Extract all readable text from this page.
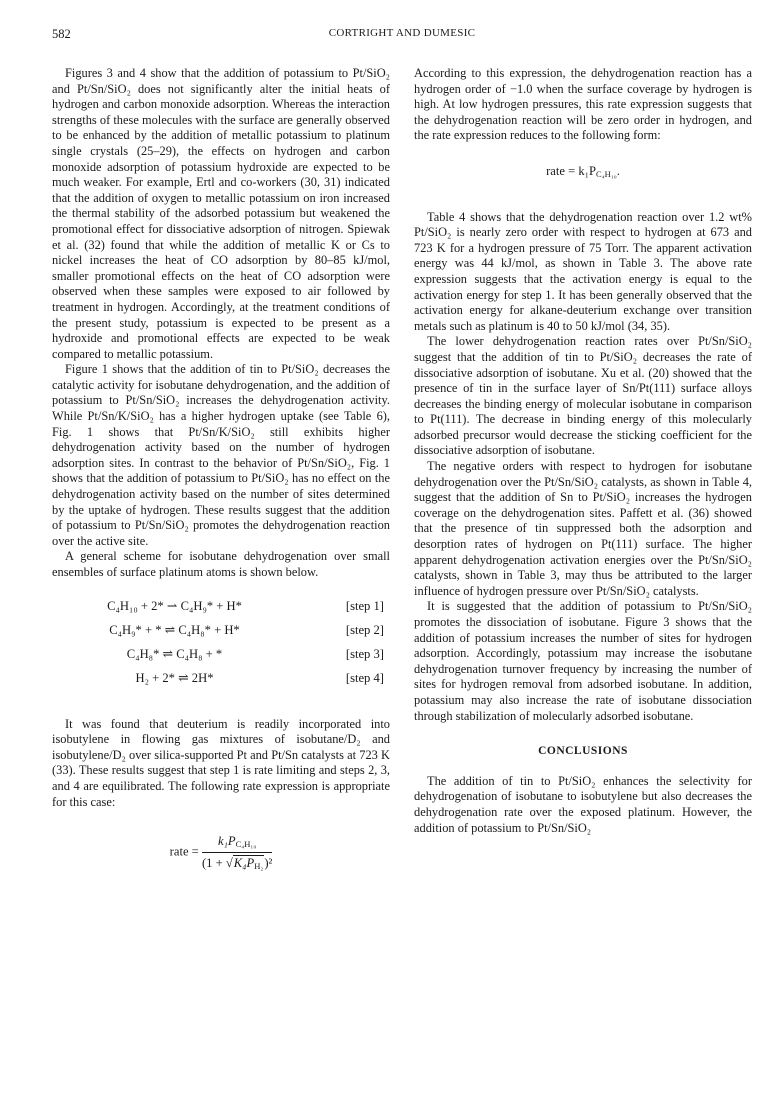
582	CORTRIGHT AND DUMESIC

Figures 3 and 4 show that the addition of potassium to Pt/SiO₂ and Pt/Sn/SiO₂ does not significantly alter the initial heats of hydrogen and carbon monoxide adsorption. Whereas the interaction strengths of these molecules with the surface are generally observed to be enhanced by the addition of metallic potassium to platinum single crystals (25–29), the effects on hydrogen and carbon monoxide adsorption of potassium hydroxide are expected to be much weaker. For example, Ertl and co-workers (30, 31) indicated that the addition of oxygen to metallic potassium on iron increased the thermal stability of the adsorbed potassium but weakened the promotional effect for dissociative adsorption of nitrogen. Spiewak et al. (32) found that while the addition of metallic K or Cs to nickel increases the heat of CO adsorption by 80–85 kJ/mol, smaller promotional effects on the heat of CO adsorption were observed when these samples were exposed to air followed by treatment in hydrogen. Accordingly, at the treatment conditions of the present study, potassium is expected to be present as a hydroxide and promotional effects are expected to be weak compared to metallic potassium.

Figure 1 shows that the addition of tin to Pt/SiO₂ decreases the catalytic activity for isobutane dehydrogenation, and the addition of potassium to Pt/Sn/SiO₂ increases the dehydrogenation activity. While Pt/Sn/K/SiO₂ has a higher hydrogen uptake (see Table 6), Fig. 1 shows that Pt/Sn/K/SiO₂ still exhibits higher dehydrogenation activity based on the number of hydrogen adsorption sites. In contrast to the behavior of Pt/Sn/SiO₂, Fig. 1 shows that the addition of potassium to Pt/SiO₂ has no effect on the dehydrogenation activity based on the number of sites determined by the uptake of hydrogen. These results suggest that the addition of potassium to Pt/Sn/SiO₂ promotes the dehydrogenation reaction over the active site.

A general scheme for isobutane dehydrogenation over small ensembles of surface platinum atoms is shown below.

C₄H₁₀ + 2* ⇀ C₄H₉* + H*	[step 1]
C₄H₉* + * ⇌ C₄H₈* + H*	[step 2]
C₄H₈* ⇌ C₄H₈ + *	[step 3]
H₂ + 2* ⇌ 2H*	[step 4]

It was found that deuterium is readily incorporated into isobutylene in flowing gas mixtures of isobutane/D₂ and isobutylene/D₂ over silica-supported Pt and Pt/Sn catalysts at 723 K (33). These results suggest that step 1 is rate limiting and steps 2, 3, and 4 are equilibrated. The following rate expression is appropriate for this case:

rate = $\frac{k_1P_{C_4H_{10}}}{(1 + √K_4P_{H_2})^2}$

According to this expression, the dehydrogenation reaction has a hydrogen order of −1.0 when the surface coverage by hydrogen is high. At low hydrogen pressures, this rate expression suggests that the dehydrogenation reaction will be zero order in hydrogen, and the rate expression reduces to the following form:

rate = $k_1P_{C_4H_{10}}$.

Table 4 shows that the dehydrogenation reaction over 1.2 wt% Pt/SiO₂ is nearly zero order with respect to hydrogen at 673 and 723 K for a hydrogen pressure of 75 Torr. The apparent activation energy was 44 kJ/mol, as shown in Table 3. The above rate expression suggests that the activation energy is equal to the activation energy for step 1. It has been generally observed that the activation energy for alkane-deuterium exchange over transition metals such as platinum is 40 to 50 kJ/mol (34, 35).

The lower dehydrogenation reaction rates over Pt/Sn/SiO₂ suggest that the addition of tin to Pt/SiO₂ decreases the rate of dissociative adsorption of isobutane. Xu et al. (20) showed that the presence of tin in the surface layer of Sn/Pt(111) surface alloys decreases the binding energy of molecular isobutane in comparison to Pt(111). The decrease in binding energy of this molecularly adsorbed precursor would decrease the sticking coefficient for the dissociative adsorption of isobutane.

The negative orders with respect to hydrogen for isobutane dehydrogenation over the Pt/Sn/SiO₂ catalysts, as shown in Table 4, suggest that the addition of Sn to Pt/SiO₂ increases the hydrogen coverage on the dehydrogenation sites. Paffett et al. (36) showed that the presence of tin suppressed both the adsorption and desorption rates of hydrogen on Pt(111) surface. The higher apparent dehydrogenation activation energies over the Pt/Sn/SiO₂ catalysts, shown in Table 3, may thus be attributed to the larger influence of hydrogen pressure over Pt/Sn/SiO₂ catalysts.

It is suggested that the addition of potassium to Pt/Sn/SiO₂ promotes the dissociation of isobutane. Figure 3 shows that the addition of potassium increases the number of sites for hydrogen adsorption. Accordingly, potassium may increase the isobutane dehydrogenation turnover frequency by increasing the number of sites for hydrogen removal from adsorbed isobutane. In addition, potassium may also increase the rate of isobutane dissociation through stabilization of molecularly adsorbed isobutane.

CONCLUSIONS

The addition of tin to Pt/SiO₂ enhances the selectivity for dehydrogenation of isobutane to isobutylene but also decreases the dehydrogenation rate over the exposed platinum. However, the addition of potassium to Pt/Sn/SiO₂
